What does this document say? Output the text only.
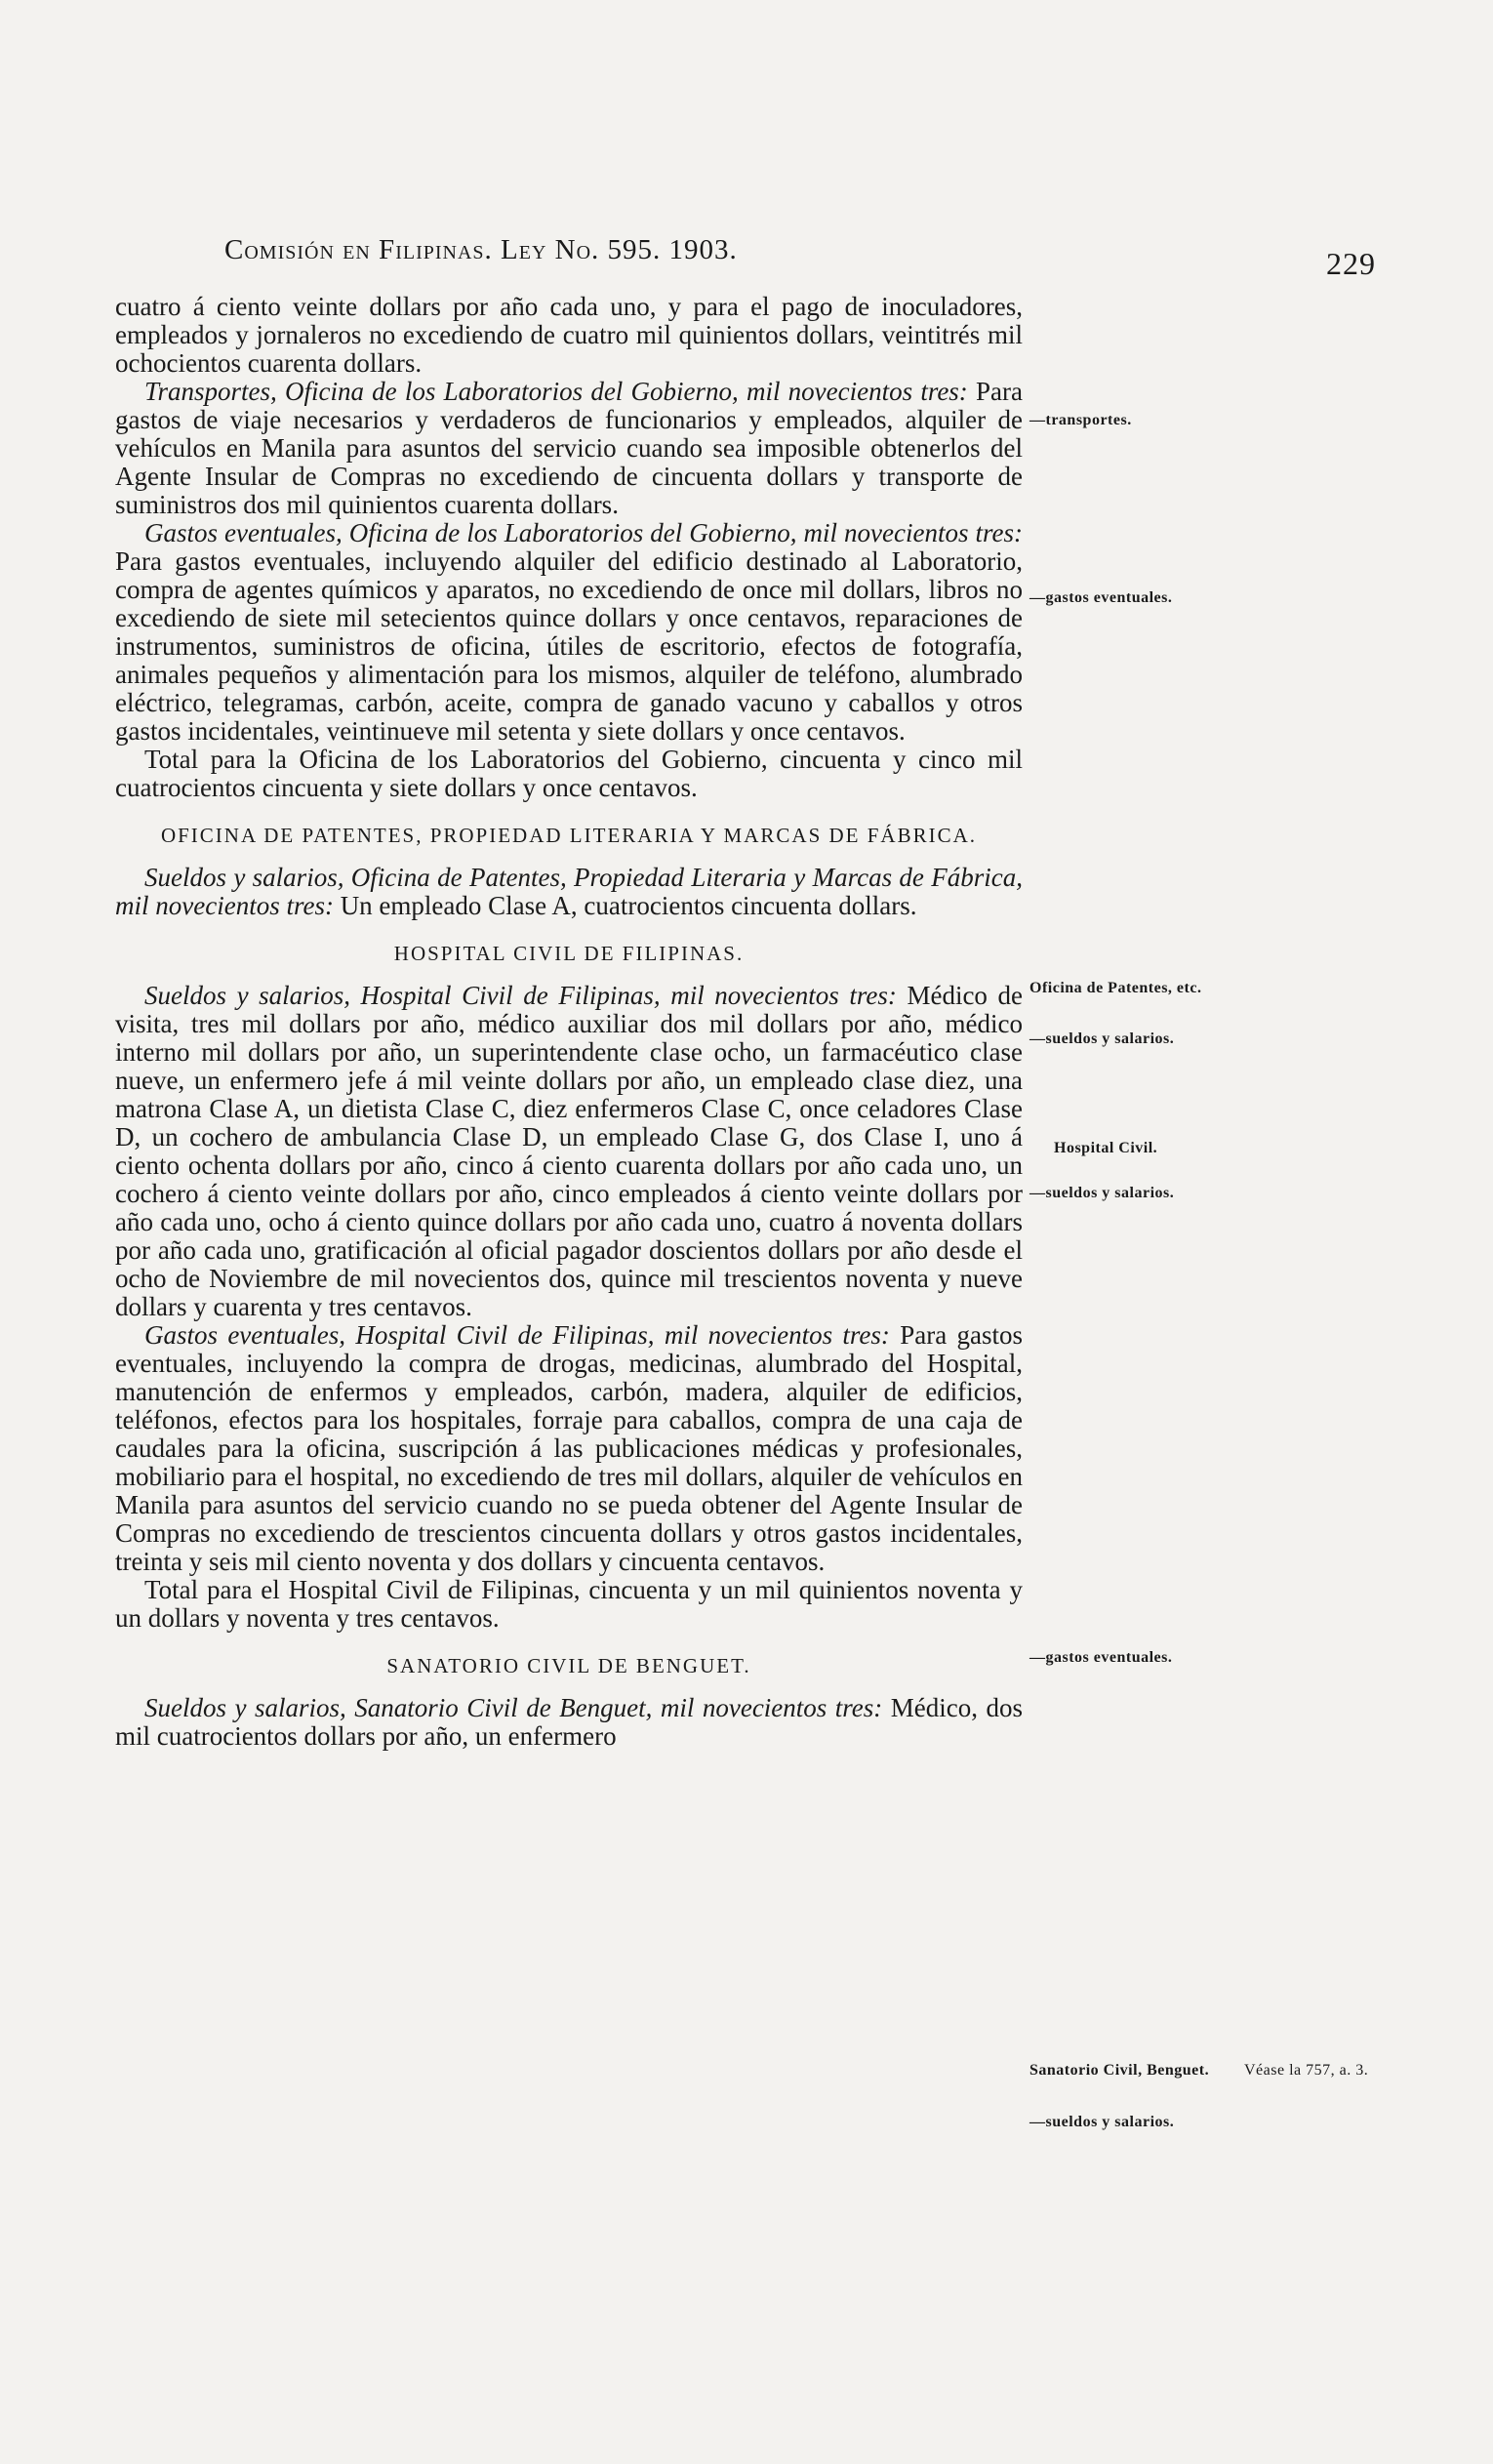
Comisión en Filipinas. Ley No. 595. 1903.	229

cuatro á ciento veinte dollars por año cada uno, y para el pago de inoculadores, empleados y jornaleros no excediendo de cuatro mil quinientos dollars, veintitrés mil ochocientos cuarenta dollars.

Transportes, Oficina de los Laboratorios del Gobierno, mil novecientos tres: Para gastos de viaje necesarios y verdaderos de funcionarios y empleados, alquiler de vehículos en Manila para asuntos del servicio cuando sea imposible obtenerlos del Agente Insular de Compras no excediendo de cincuenta dollars y transporte de suministros dos mil quinientos cuarenta dollars.

Gastos eventuales, Oficina de los Laboratorios del Gobierno, mil novecientos tres: Para gastos eventuales, incluyendo alquiler del edificio destinado al Laboratorio, compra de agentes químicos y aparatos, no excediendo de once mil dollars, libros no excediendo de siete mil setecientos quince dollars y once centavos, reparaciones de instrumentos, suministros de oficina, útiles de escritorio, efectos de fotografía, animales pequeños y alimentación para los mismos, alquiler de teléfono, alumbrado eléctrico, telegramas, carbón, aceite, compra de ganado vacuno y caballos y otros gastos incidentales, veintinueve mil setenta y siete dollars y once centavos.

Total para la Oficina de los Laboratorios del Gobierno, cincuenta y cinco mil cuatrocientos cincuenta y siete dollars y once centavos.

OFICINA DE PATENTES, PROPIEDAD LITERARIA Y MARCAS DE FÁBRICA.

Sueldos y salarios, Oficina de Patentes, Propiedad Literaria y Marcas de Fábrica, mil novecientos tres: Un empleado Clase A, cuatrocientos cincuenta dollars.

HOSPITAL CIVIL DE FILIPINAS.

Sueldos y salarios, Hospital Civil de Filipinas, mil novecientos tres: Médico de visita, tres mil dollars por año, médico auxiliar dos mil dollars por año, médico interno mil dollars por año, un superintendente clase ocho, un farmacéutico clase nueve, un enfermero jefe á mil veinte dollars por año, un empleado clase diez, una matrona Clase A, un dietista Clase C, diez enfermeros Clase C, once celadores Clase D, un cochero de ambulancia Clase D, un empleado Clase G, dos Clase I, uno á ciento ochenta dollars por año, cinco á ciento cuarenta dollars por año cada uno, un cochero á ciento veinte dollars por año, cinco empleados á ciento veinte dollars por año cada uno, ocho á ciento quince dollars por año cada uno, cuatro á noventa dollars por año cada uno, gratificación al oficial pagador doscientos dollars por año desde el ocho de Noviembre de mil novecientos dos, quince mil trescientos noventa y nueve dollars y cuarenta y tres centavos.

Gastos eventuales, Hospital Civil de Filipinas, mil novecientos tres: Para gastos eventuales, incluyendo la compra de drogas, medicinas, alumbrado del Hospital, manutención de enfermos y empleados, carbón, madera, alquiler de edificios, teléfonos, efectos para los hospitales, forraje para caballos, compra de una caja de caudales para la oficina, suscripción á las publicaciones médicas y profesionales, mobiliario para el hospital, no excediendo de tres mil dollars, alquiler de vehículos en Manila para asuntos del servicio cuando no se pueda obtener del Agente Insular de Compras no excediendo de trescientos cincuenta dollars y otros gastos incidentales, treinta y seis mil ciento noventa y dos dollars y cincuenta centavos.

Total para el Hospital Civil de Filipinas, cincuenta y un mil quinientos noventa y un dollars y noventa y tres centavos.

SANATORIO CIVIL DE BENGUET.

Sueldos y salarios, Sanatorio Civil de Benguet, mil novecientos tres: Médico, dos mil cuatrocientos dollars por año, un enfermero

—transportes.
—gastos eventuales.
Oficina de Patentes, etc.
—sueldos y salarios.
Hospital Civil.
—sueldos y salarios.
—gastos eventuales.
Sanatorio Civil, Benguet.	Véase la 757, a. 3.
—sueldos y salarios.
